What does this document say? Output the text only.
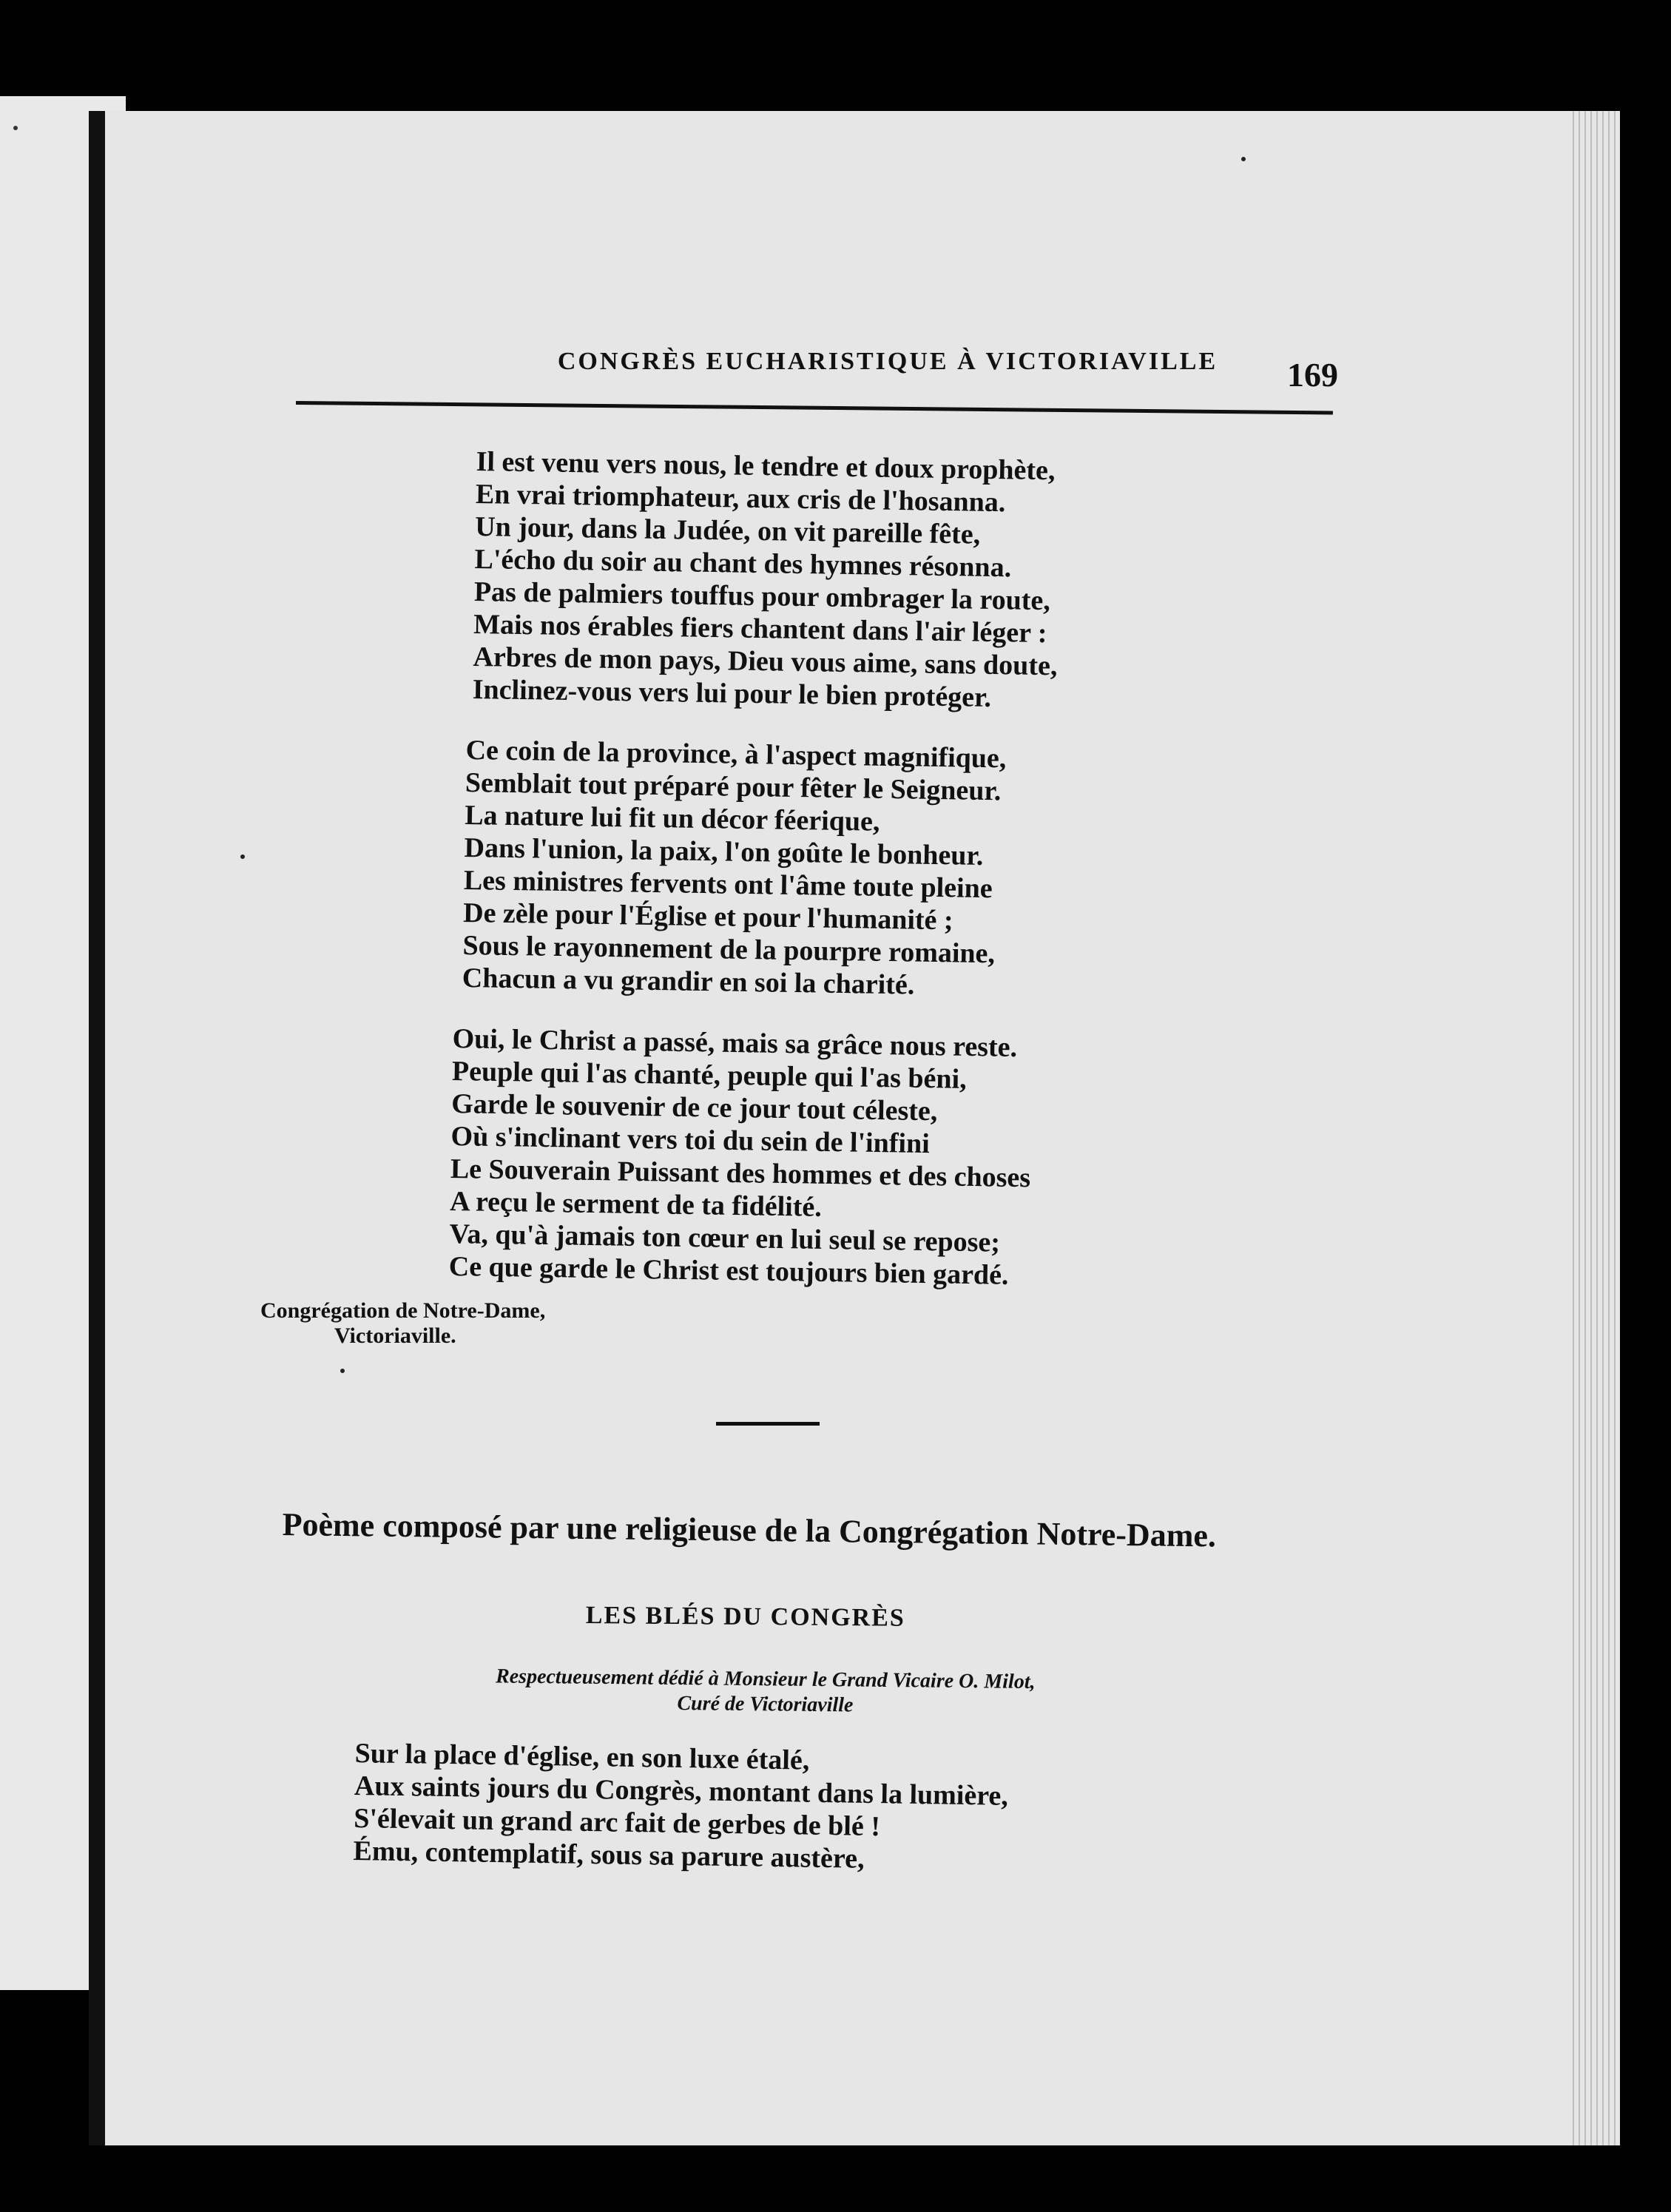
CONGRÈS EUCHARISTIQUE À VICTORIAVILLE	169
Il est venu vers nous, le tendre et doux prophète,
En vrai triomphateur, aux cris de l'hosanna.
Un jour, dans la Judée, on vit pareille fête,
L'écho du soir au chant des hymnes résonna.
Pas de palmiers touffus pour ombrager la route,
Mais nos érables fiers chantent dans l'air léger :
Arbres de mon pays, Dieu vous aime, sans doute,
Inclinez-vous vers lui pour le bien protéger.
Ce coin de la province, à l'aspect magnifique,
Semblait tout préparé pour fêter le Seigneur.
La nature lui fit un décor féerique,
Dans l'union, la paix, l'on goûte le bonheur.
Les ministres fervents ont l'âme toute pleine
De zèle pour l'Église et pour l'humanité ;
Sous le rayonnement de la pourpre romaine,
Chacun a vu grandir en soi la charité.
Oui, le Christ a passé, mais sa grâce nous reste.
Peuple qui l'as chanté, peuple qui l'as béni,
Garde le souvenir de ce jour tout céleste,
Où s'inclinant vers toi du sein de l'infini
Le Souverain Puissant des hommes et des choses
A reçu le serment de ta fidélité.
Va, qu'à jamais ton cœur en lui seul se repose;
Ce que garde le Christ est toujours bien gardé.
Congrégation de Notre-Dame,
Victoriaville.
Poème composé par une religieuse de la Congrégation Notre-Dame.
LES BLÉS DU CONGRÈS
Respectueusement dédié à Monsieur le Grand Vicaire O. Milot,
Curé de Victoriaville
Sur la place d'église, en son luxe étalé,
Aux saints jours du Congrès, montant dans la lumière,
S'élevait un grand arc fait de gerbes de blé !
Ému, contemplatif, sous sa parure austère,
